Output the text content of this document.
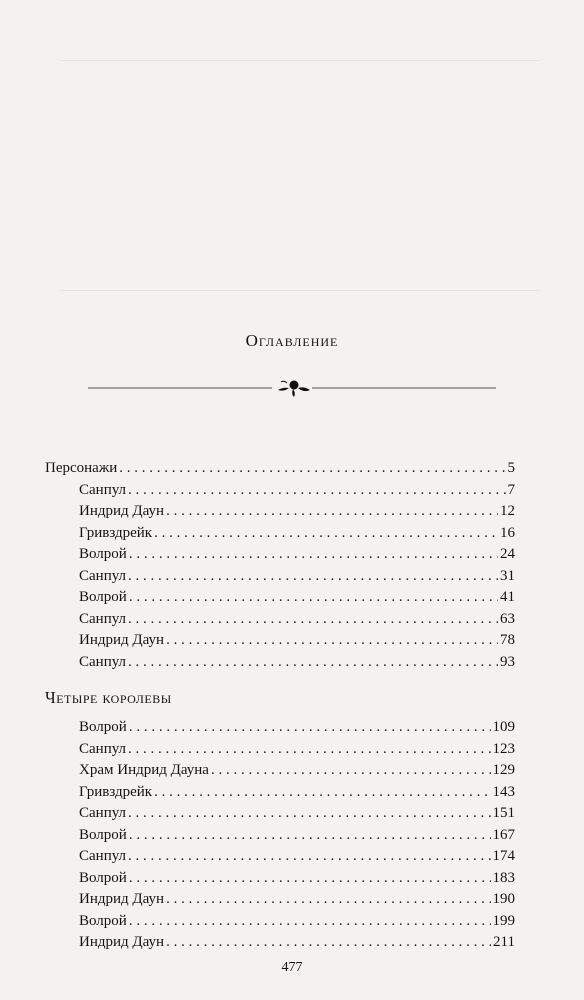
Оглавление
Персонажи . . .	5
Санпул . . .	7
Индрид Даун . . .	12
Гривздрейк . . .	16
Волрой . . .	24
Санпул . . .	31
Волрой . . .	41
Санпул . . .	63
Индрид Даун . . .	78
Санпул . . .	93
Четыре королевы
Волрой . . .	109
Санпул . . .	123
Храм Индрид Дауна . . .	129
Гривздрейк . . .	143
Санпул . . .	151
Волрой . . .	167
Санпул . . .	174
Волрой . . .	183
Индрид Даун . . .	190
Волрой . . .	199
Индрид Даун . . .	211
477
